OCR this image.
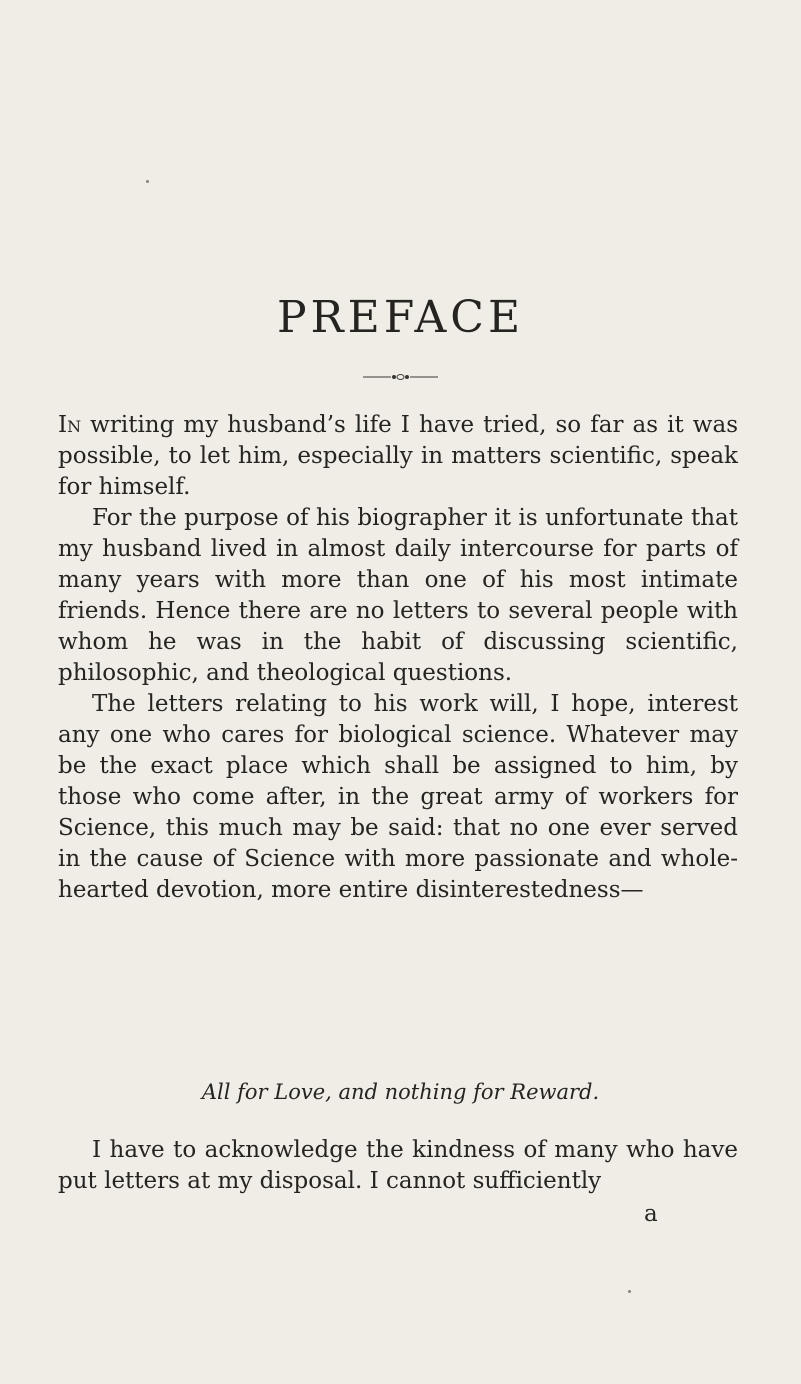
PREFACE

In writing my husband’s life I have tried, so far as it was possible, to let him, especially in matters scientific, speak for himself.

For the purpose of his biographer it is unfortunate that my husband lived in almost daily intercourse for parts of many years with more than one of his most intimate friends. Hence there are no letters to several people with whom he was in the habit of discussing scientific, philosophic, and theological questions.

The letters relating to his work will, I hope, interest any one who cares for biological science. Whatever may be the exact place which shall be assigned to him, by those who come after, in the great army of workers for Science, this much may be said: that no one ever served in the cause of Science with more passionate and whole-hearted devotion, more entire disinterestedness—

All for Love, and nothing for Reward.

I have to acknowledge the kindness of many who have put letters at my disposal. I cannot sufficiently

a
